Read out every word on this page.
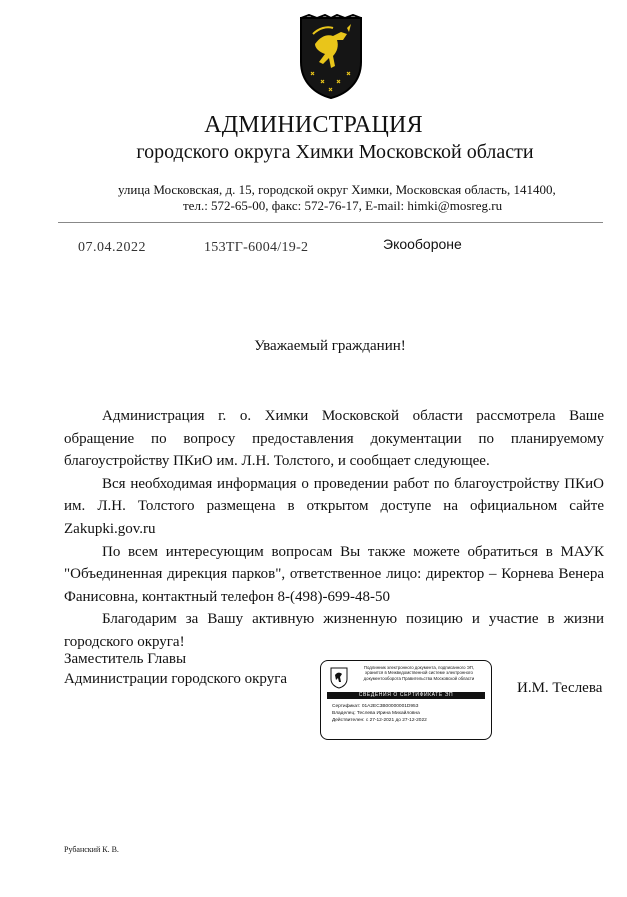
АДМИНИСТРАЦИЯ
городского округа Химки Московской области
улица Московская, д. 15, городской округ Химки, Московская область, 141400,
тел.: 572-65-00, факс: 572-76-17, E-mail: himki@mosreg.ru
07.04.2022	153ТГ-6004/19-2	Экообороне
Уважаемый гражданин!

Администрация г. о. Химки Московской области рассмотрела Ваше обращение по вопросу предоставления документации по планируемому благоустройству ПКиО им. Л.Н. Толстого, и сообщает следующее.

Вся необходимая информация о проведении работ по благоустройству ПКиО им. Л.Н. Толстого размещена в открытом доступе на официальном сайте Zakupki.gov.ru

По всем интересующим вопросам Вы также можете обратиться в МАУК "Объединенная дирекция парков", ответственное лицо: директор – Корнева Венера Фанисовна, контактный телефон 8-(498)-699-48-50

Благодарим за Вашу активную жизненную позицию и участие в жизни городского округа!

Заместитель Главы
Администрации городского округа
Подлинник электронного документа, подписанного ЭП,
хранится в Межведомственной системе электронного
документооборота Правительства Московской области
СВЕДЕНИЯ О СЕРТИФИКАТЕ ЭП
Сертификат: 01A2EC3B00000001D953
Владелец: Теслева Ирина Михайловна
Действителен: с 27-12-2021 до 27-12-2022
И.М. Теслева
Рубанский К. В.
